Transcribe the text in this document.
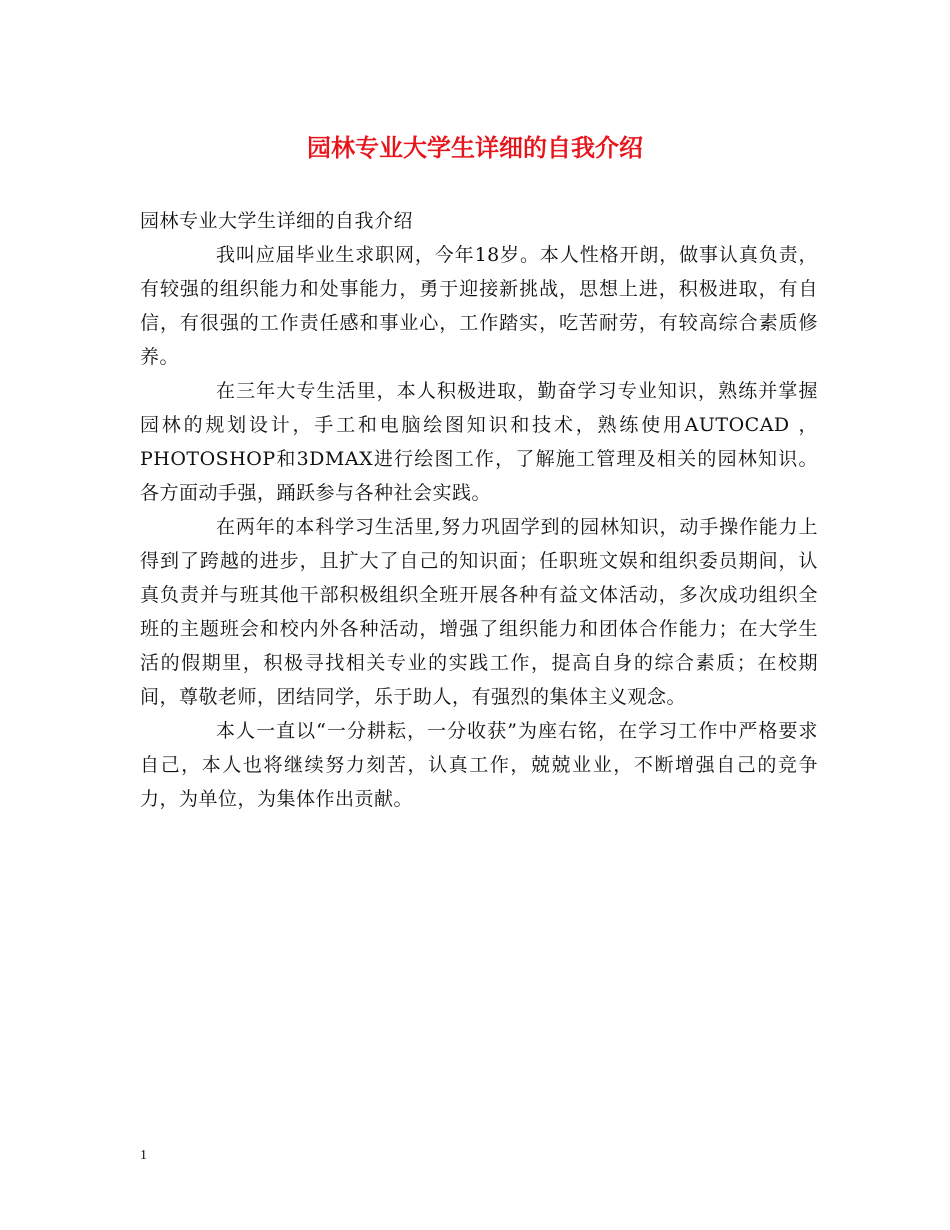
园林专业大学生详细的自我介绍

园林专业大学生详细的自我介绍

我叫应届毕业生求职网，今年18岁。本人性格开朗，做事认真负责，有较强的组织能力和处事能力，勇于迎接新挑战，思想上进，积极进取，有自信，有很强的工作责任感和事业心，工作踏实，吃苦耐劳，有较高综合素质修养。

在三年大专生活里，本人积极进取，勤奋学习专业知识，熟练并掌握园林的规划设计，手工和电脑绘图知识和技术，熟练使用AUTOCAD ，PHOTOSHOP和3DMAX进行绘图工作，了解施工管理及相关的园林知识。各方面动手强，踊跃参与各种社会实践。

在两年的本科学习生活里,努力巩固学到的园林知识，动手操作能力上得到了跨越的进步，且扩大了自己的知识面；任职班文娱和组织委员期间，认真负责并与班其他干部积极组织全班开展各种有益文体活动，多次成功组织全班的主题班会和校内外各种活动，增强了组织能力和团体合作能力；在大学生活的假期里，积极寻找相关专业的实践工作，提高自身的综合素质；在校期间，尊敬老师，团结同学，乐于助人，有强烈的集体主义观念。

本人一直以“一分耕耘，一分收获”为座右铭，在学习工作中严格要求自己，本人也将继续努力刻苦，认真工作，兢兢业业，不断增强自己的竞争力，为单位，为集体作出贡献。

1
